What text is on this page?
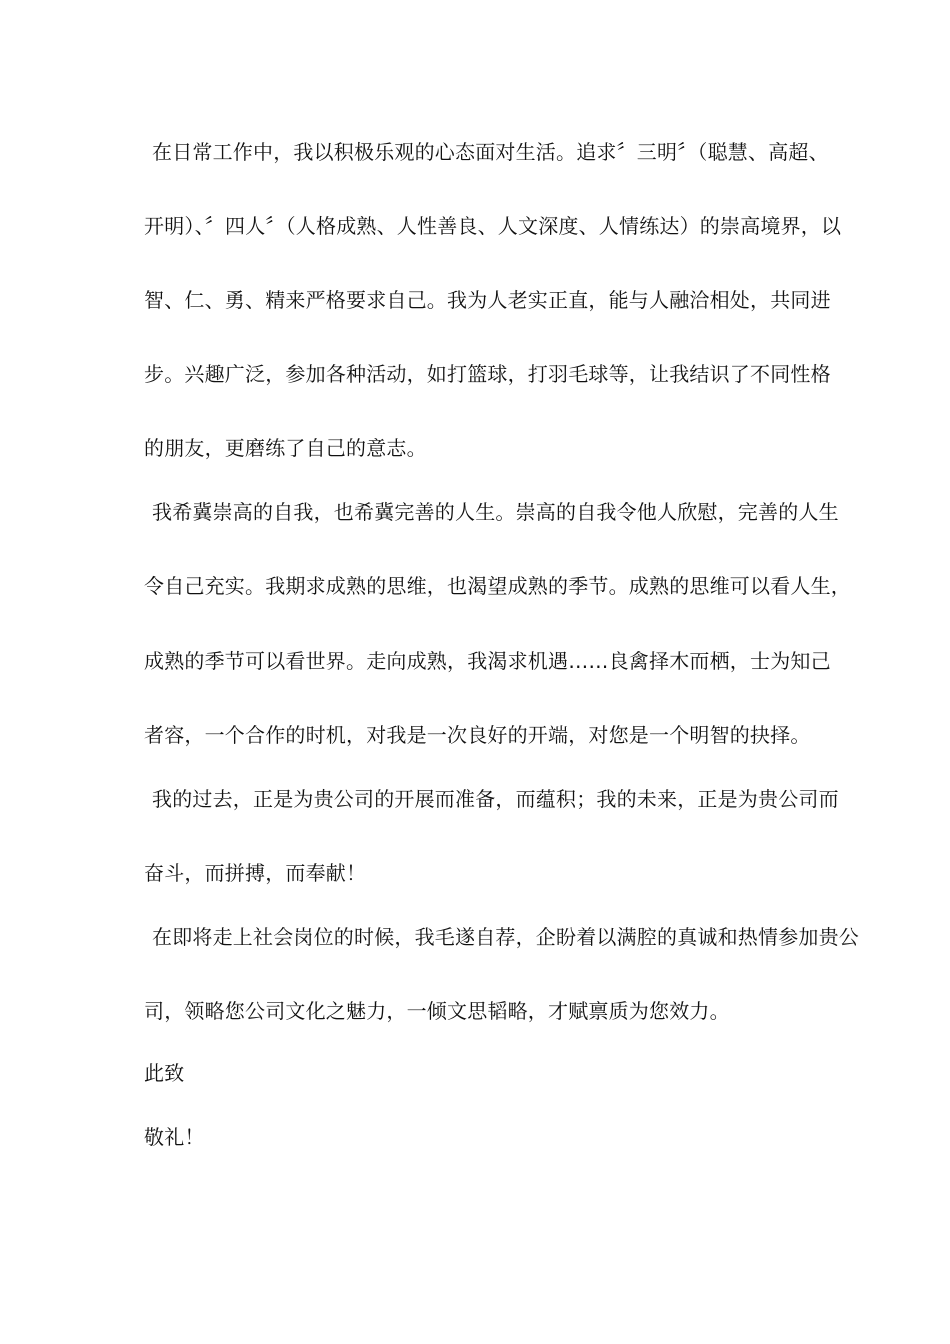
在日常工作中，我以积极乐观的心态面对生活。追求〞三明〞（聪慧、高超、
开明）、〞四人〞（人格成熟、人性善良、人文深度、人情练达）的崇高境界，以
智、仁、勇、精来严格要求自己。我为人老实正直，能与人融洽相处，共同进
步。兴趣广泛，参加各种活动，如打篮球，打羽毛球等，让我结识了不同性格
的朋友，更磨练了自己的意志。
我希冀崇高的自我，也希冀完善的人生。崇高的自我令他人欣慰，完善的人生
令自己充实。我期求成熟的思维，也渴望成熟的季节。成熟的思维可以看人生，
成熟的季节可以看世界。走向成熟，我渴求机遇……良禽择木而栖，士为知己
者容，一个合作的时机，对我是一次良好的开端，对您是一个明智的抉择。
我的过去，正是为贵公司的开展而准备，而蕴积；我的未来，正是为贵公司而
奋斗，而拼搏，而奉献！
在即将走上社会岗位的时候，我毛遂自荐，企盼着以满腔的真诚和热情参加贵公
司，领略您公司文化之魅力，一倾文思韬略，才赋禀质为您效力。
此致
敬礼！
